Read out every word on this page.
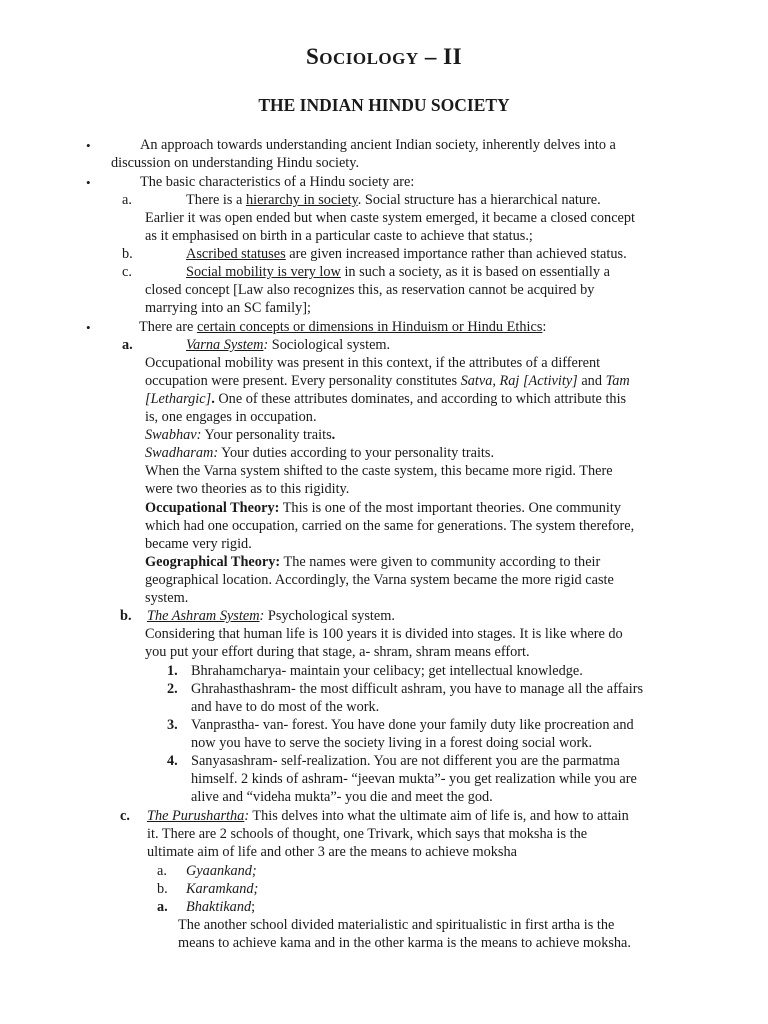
SOCIOLOGY – II
THE INDIAN HINDU SOCIETY
•	An approach towards understanding ancient Indian society, inherently delves into a
discussion on understanding Hindu society.
•	The basic characteristics of a Hindu society are:
a.	There is a hierarchy in society. Social structure has a hierarchical nature.
Earlier it was open ended but when caste system emerged, it became a closed concept
as it emphasised on birth in a particular caste to achieve that status.;
b.	Ascribed statuses are given increased importance rather than achieved status.
c.	Social mobility is very low in such a society, as it is based on essentially a
closed concept [Law also recognizes this, as reservation cannot be acquired by
marrying into an SC family];
•	There are certain concepts or dimensions in Hinduism or Hindu Ethics:
a.	Varna System: Sociological system.
Occupational mobility was present in this context, if the attributes of a different
occupation were present. Every personality constitutes Satva, Raj [Activity] and Tam
[Lethargic]. One of these attributes dominates, and according to which attribute this
is, one engages in occupation.
Swabhav: Your personality traits.
Swadharam: Your duties according to your personality traits.
When the Varna system shifted to the caste system, this became more rigid. There
were two theories as to this rigidity.
Occupational Theory: This is one of the most important theories. One community
which had one occupation, carried on the same for generations. The system therefore,
became very rigid.
Geographical Theory: The names were given to community according to their
geographical location. Accordingly, the Varna system became the more rigid caste
system.
b. The Ashram System: Psychological system.
Considering that human life is 100 years it is divided into stages. It is like where do
you put your effort during that stage, a- shram, shram means effort.
1. Bhrahamcharya- maintain your celibacy; get intellectual knowledge.
2. Ghrahasthashram- the most difficult ashram, you have to manage all the affairs
and have to do most of the work.
3. Vanprastha- van- forest. You have done your family duty like procreation and
now you have to serve the society living in a forest doing social work.
4. Sanyasashram- self-realization. You are not different you are the parmatma
himself. 2 kinds of ashram- “jeevan mukta”- you get realization while you are
alive and “videha mukta”- you die and meet the god.
c. The Purushartha: This delves into what the ultimate aim of life is, and how to attain
it. There are 2 schools of thought, one Trivark, which says that moksha is the
ultimate aim of life and other 3 are the means to achieve moksha
a. Gyaankand;
b. Karamkand;
a. Bhaktikand;
The another school divided materialistic and spiritualistic in first artha is the
means to achieve kama and in the other karma is the means to achieve moksha.
